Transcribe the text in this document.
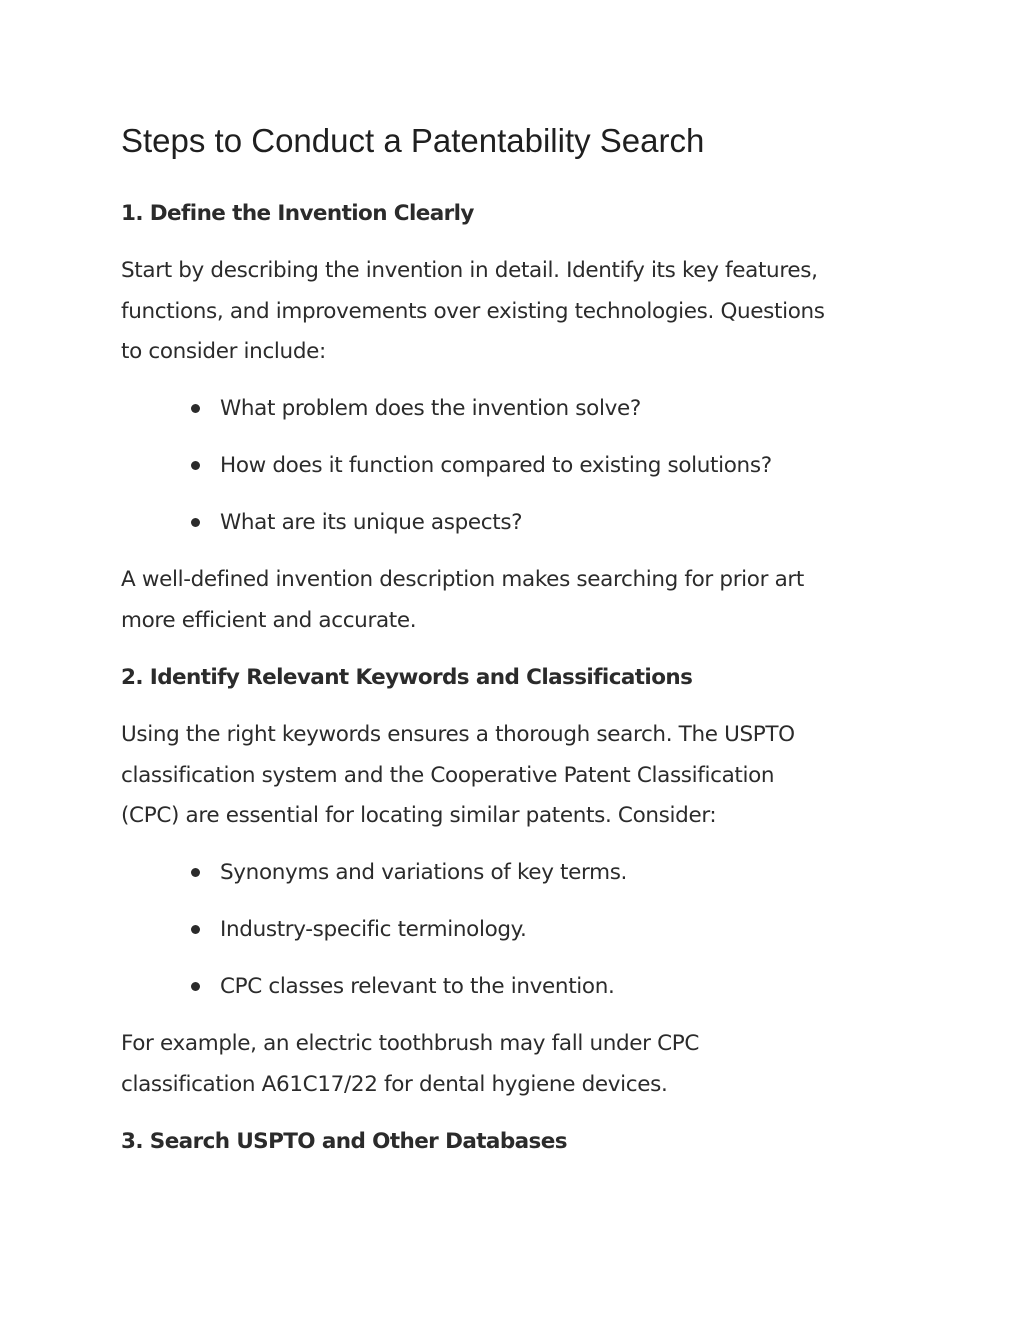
Steps to Conduct a Patentability Search
1. Define the Invention Clearly

Start by describing the invention in detail. Identify its key features,
functions, and improvements over existing technologies. Questions
to consider include:

What problem does the invention solve?
How does it function compared to existing solutions?
What are its unique aspects?

A well-defined invention description makes searching for prior art
more efficient and accurate.

2. Identify Relevant Keywords and Classifications

Using the right keywords ensures a thorough search. The USPTO
classification system and the Cooperative Patent Classification
(CPC) are essential for locating similar patents. Consider:

Synonyms and variations of key terms.
Industry-specific terminology.
CPC classes relevant to the invention.

For example, an electric toothbrush may fall under CPC
classification A61C17/22 for dental hygiene devices.

3. Search USPTO and Other Databases
